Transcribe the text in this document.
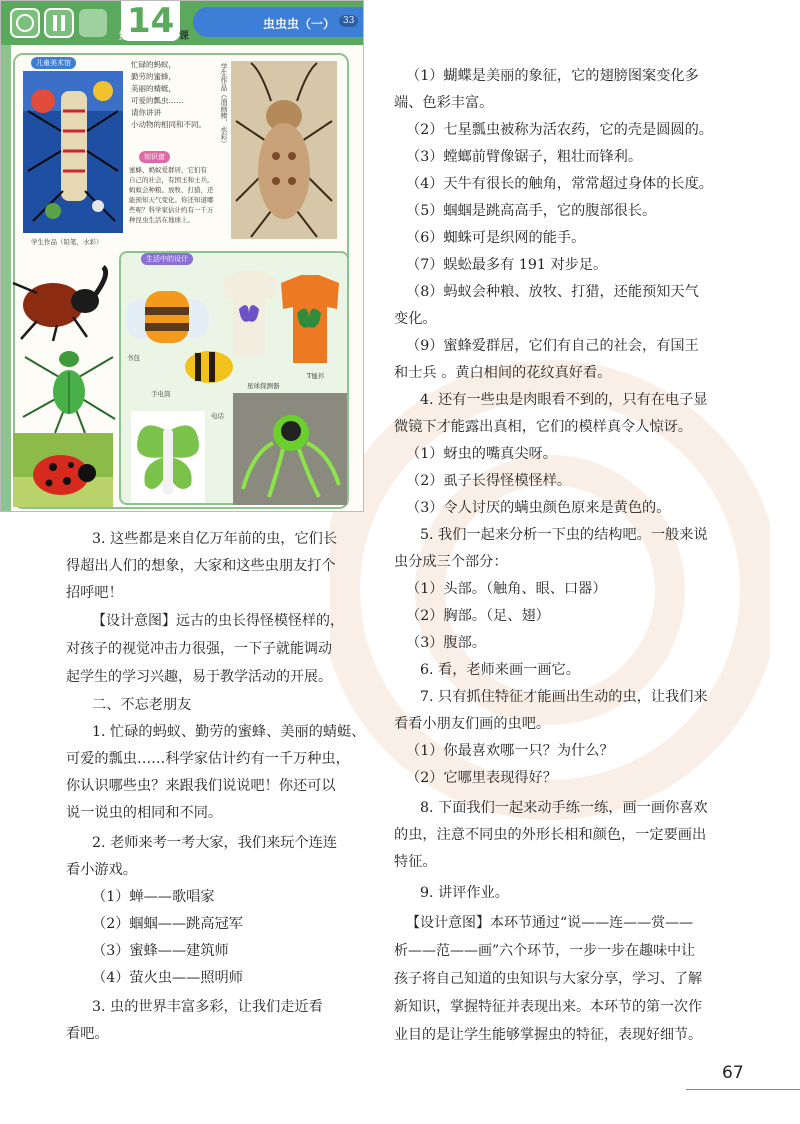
14
第	课
虫虫虫（一） 33
儿童美术馆
学生作品（铅笔，水彩）
忙碌的蚂蚁，
勤劳的蜜蜂，
美丽的蜻蜓，
可爱的瓢虫……
请你讲讲
小动物的相同和不同。
知识窗
蜜蜂、蚂蚁爱群居，它们有
自己的社会，有国王和士兵。
蚂蚁会种粮、放牧、打猎，还
能预知天气变化。你还知道哪
些呢？科学家估计约有一千万
种昆虫生活在地球上。
学生作品（油画棒，水彩）
生活中的设计
书包
T恤衫
手电筒
星球探测器
电话
（1）蝴蝶是美丽的象征，它的翅膀图案变化多
端、色彩丰富。
（2）七星瓢虫被称为活农药，它的壳是圆圆的。
（3）螳螂前臂像锯子，粗壮而锋利。
（4）天牛有很长的触角，常常超过身体的长度。
（5）蝈蝈是跳高高手，它的腹部很长。
（6）蜘蛛可是织网的能手。
（7）蜈蚣最多有 191 对步足。
（8）蚂蚁会种粮、放牧、打猎，还能预知天气
变化。
（9）蜜蜂爱群居，它们有自己的社会，有国王
和士兵 。黄白相间的花纹真好看。
4. 还有一些虫是肉眼看不到的，只有在电子显
微镜下才能露出真相，它们的模样真令人惊讶。
（1）蚜虫的嘴真尖呀。
（2）虱子长得怪模怪样。
（3）令人讨厌的螨虫颜色原来是黄色的。
5. 我们一起来分析一下虫的结构吧。一般来说
虫分成三个部分：
（1）头部。（触角、眼、口器）
（2）胸部。（足、翅）
（3）腹部。
6. 看，老师来画一画它。
7. 只有抓住特征才能画出生动的虫，让我们来
看看小朋友们画的虫吧。
（1）你最喜欢哪一只？为什么？
（2）它哪里表现得好？
8. 下面我们一起来动手练一练，画一画你喜欢
的虫，注意不同虫的外形长相和颜色，一定要画出
特征。
9. 讲评作业。
【设计意图】本环节通过“说——连——赏——
析——范——画”六个环节，一步一步在趣味中让
孩子将自己知道的虫知识与大家分享，学习、了解
新知识，掌握特征并表现出来。本环节的第一次作
业目的是让学生能够掌握虫的特征，表现好细节。
3. 这些都是来自亿万年前的虫，它们长
得超出人们的想象，大家和这些虫朋友打个
招呼吧！
【设计意图】远古的虫长得怪模怪样的，
对孩子的视觉冲击力很强，一下子就能调动
起学生的学习兴趣，易于教学活动的开展。
二、不忘老朋友
1. 忙碌的蚂蚁、勤劳的蜜蜂、美丽的蜻蜓、
可爱的瓢虫……科学家估计约有一千万种虫，
你认识哪些虫？来跟我们说说吧！你还可以
说一说虫的相同和不同。
2. 老师来考一考大家，我们来玩个连连
看小游戏。
（1）蝉——歌唱家
（2）蝈蝈——跳高冠军
（3）蜜蜂——建筑师
（4）萤火虫——照明师
3. 虫的世界丰富多彩，让我们走近看
看吧。
67
